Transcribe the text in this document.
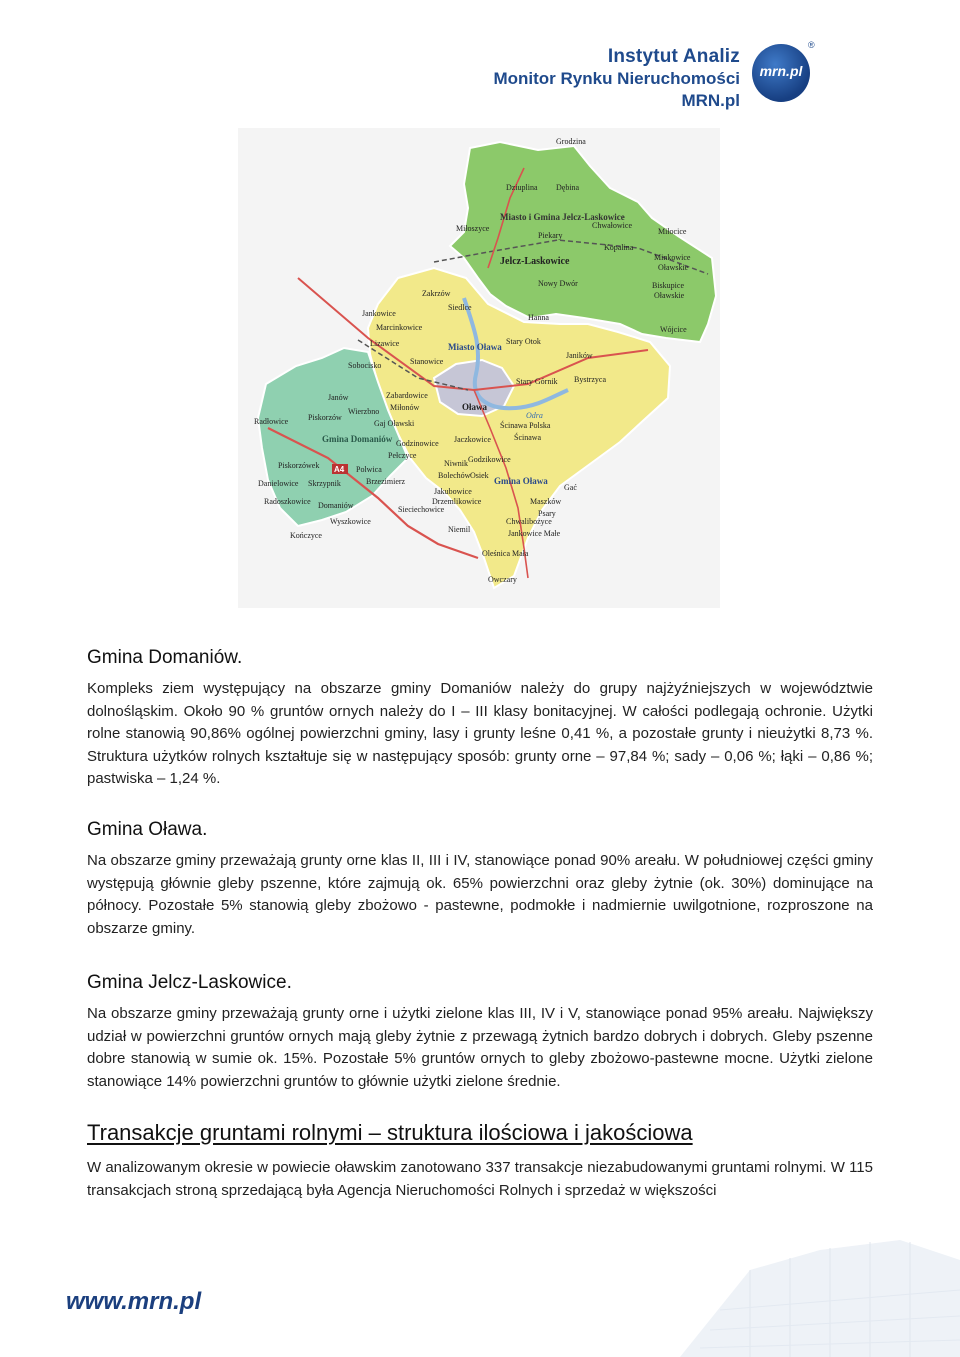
Instytut Analiz
Monitor Rynku Nieruchomości MRN.pl
mrn.pl
®
Grodzina
Dziuplina Dębina
Miasto i Gmina Jelcz-Laskowice
Miłoszyce
Piekary
Chwałowice
Kopalina
Miłocice
Jelcz-Laskowice	Minkowice
Oławskie
Nowy Dwór	Biskupice
Oławskie
Zakrzów
Siedlce
Hanna
Wójcice
Jankowice
Marcinkowice
Lizawice	Miasto Oława
Stary Otok
Janików
Sobocisko	Stanowice
Bystrzyca
Stary Górnik
Zabardowice
Janów
Miłonów	Oława
Piskorzów
Wierzbno	Odra
Ścinawa Polska
Gaj Oławski
Ścinawa
Radłowice
Gmina Domaniów Godzinowice Jaczkowice
Piskorzówek
Pełczyce	Godzikowice
Polwica
Niwnik
Danielowice Skrzypnik	Brzezimierz
Bolechów Osiek
Gmina Oława
Gać
Radoszkowice Domaniów
Jakubowice
Drzemlikowice	Maszków
Psary
Sieciechowice
Wyszkowice	Chwalibożyce
Kończyce
Niemil	Jankowice Małe
Oleśnica Mała
Owczary
A4
Gmina Domaniów.

Kompleks ziem występujący na obszarze gminy Domaniów należy do grupy najżyźniejszych w województwie dolnośląskim. Około 90 % gruntów ornych należy do I – III klasy bonitacyjnej. W całości podlegają ochronie. Użytki rolne stanowią 90,86% ogólnej powierzchni gminy, lasy i grunty leśne 0,41 %, a pozostałe grunty i nieużytki 8,73 %. Struktura użytków rolnych kształtuje się w następujący sposób: grunty orne – 97,84 %; sady – 0,06 %; łąki – 0,86 %; pastwiska – 1,24 %.

Gmina Oława.

Na obszarze gminy przeważają grunty orne klas II, III i IV, stanowiące ponad 90% areału. W południowej części gminy występują głównie gleby pszenne, które zajmują ok. 65% powierzchni oraz gleby żytnie (ok. 30%) dominujące na północy. Pozostałe 5% stanowią gleby zbożowo - pastewne, podmokłe i nadmiernie uwilgotnione, rozproszone na obszarze gminy.

Gmina Jelcz-Laskowice.

Na obszarze gminy przeważają grunty orne i użytki zielone klas III, IV i V, stanowiące ponad 95% areału. Największy udział w powierzchni gruntów ornych mają gleby żytnie z przewagą żytnich bardzo dobrych i dobrych. Gleby pszenne dobre stanowią w sumie ok. 15%. Pozostałe 5% gruntów ornych to gleby zbożowo-pastewne mocne. Użytki zielone stanowiące 14% powierzchni gruntów to głównie użytki zielone średnie.

Transakcje gruntami rolnymi – struktura ilościowa i jakościowa

W analizowanym okresie w powiecie oławskim zanotowano 337 transakcje niezabudowanymi gruntami rolnymi. W 115 transakcjach stroną sprzedającą była Agencja Nieruchomości Rolnych i sprzedaż w większości

www.mrn.pl
